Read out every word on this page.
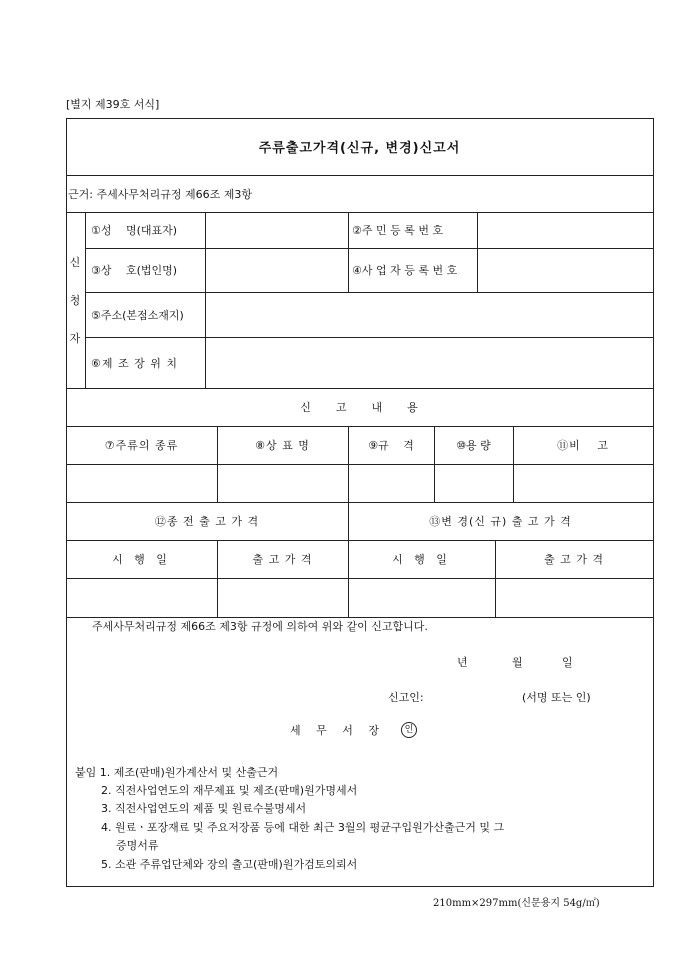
[별지 제39호 서식]
주류출고가격(신규, 변경)신고서
근거: 주세사무처리규정 제66조 제3항
신
청
자
①성　 명(대표자)	②주 민 등 록 번 호
③상　 호(법인명)	④사 업 자 등 록 번 호
⑤주소(본점소재지)
⑥제 조 장 위 치
신　　고　　내　　용
⑦주류의 종류	⑧상 표 명	⑨규　 격	⑩용 량	⑪비　 고
⑫종 전 출 고 가 격	⑬변 경(신 규) 출 고 가 격
시 행 일	출 고 가 격	시 행 일	출 고 가 격
주세사무처리규정 제66조 제3항 규정에 의하여 위와 같이 신고합니다.
년	월	일
신고인:	(서명 또는 인)
세 무 서 장	인
붙임 1. 제조(판매)원가계산서 및 산출근거
2. 직전사업연도의 재무제표 및 제조(판매)원가명세서
3. 직전사업연도의 제품 및 원료수불명세서
4. 원료ㆍ포장재료 및 주요저장품 등에 대한 최근 3월의 평균구입원가산출근거 및 그
증명서류
5. 소관 주류업단체와 장의 출고(판매)원가검토의뢰서
210mm×297mm(신문용지 54g/㎡)
